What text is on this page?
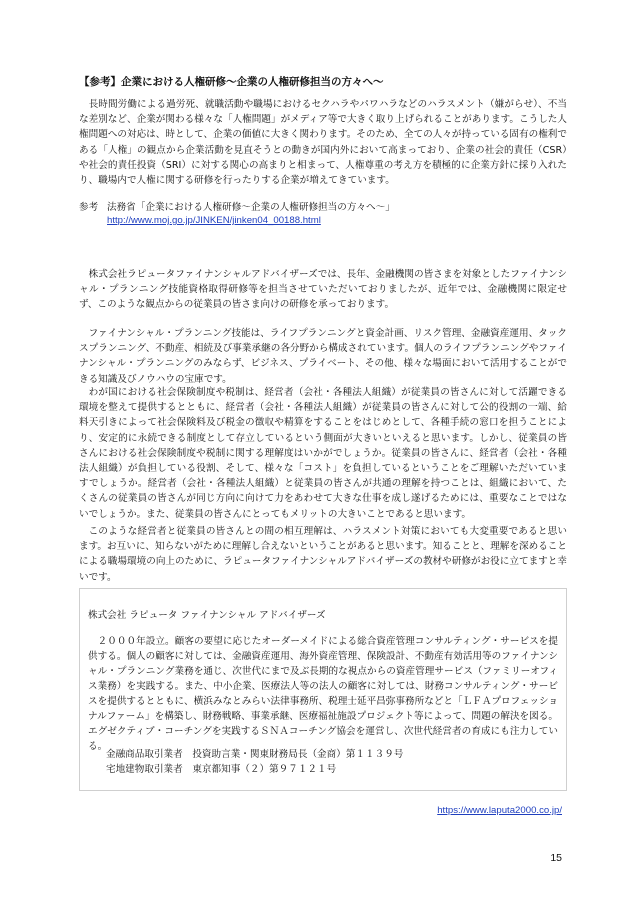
【参考】企業における人権研修～企業の人権研修担当の方々へ～
長時間労働による過労死、就職活動や職場におけるセクハラやパワハラなどのハラスメント（嫌がらせ）、不当な差別など、企業が関わる様々な「人権問題」がメディア等で大きく取り上げられることがあります。こうした人権問題への対応は、時として、企業の価値に大きく関わります。そのため、全ての人々が持っている固有の権利である「人権」の観点から企業活動を見直そうとの動きが国内外において高まっており、企業の社会的責任（CSR）や社会的責任投資（SRI）に対する関心の高まりと相まって、人権尊重の考え方を積極的に企業方針に採り入れたり、職場内で人権に関する研修を行ったりする企業が増えてきています。
参考 法務省「企業における人権研修～企業の人権研修担当の方々へ～」
http://www.moj.go.jp/JINKEN/jinken04_00188.html
株式会社ラピュータファイナンシャルアドバイザーズでは、長年、金融機関の皆さまを対象としたファイナンシャル・プランニング技能資格取得研修等を担当させていただいておりましたが、近年では、金融機関に限定せず、このような観点からの従業員の皆さま向けの研修を承っております。
ファイナンシャル・プランニング技能は、ライフプランニングと資金計画、リスク管理、金融資産運用、タックスプランニング、不動産、相続及び事業承継の各分野から構成されています。個人のライフプランニングやファイナンシャル・プランニングのみならず、ビジネス、プライベート、その他、様々な場面において活用することができる知識及びノウハウの宝庫です。
わが国における社会保険制度や税制は、経営者（会社・各種法人組織）が従業員の皆さんに対して活躍できる環境を整えて提供するとともに、経営者（会社・各種法人組織）が従業員の皆さんに対して公的役割の一端、給料天引きによって社会保険料及び税金の徴収や精算をすることをはじめとして、各種手続の窓口を担うことにより、安定的に永続できる制度として存立しているという側面が大きいといえると思います。しかし、従業員の皆さんにおける社会保険制度や税制に関する理解度はいかがでしょうか。従業員の皆さんに、経営者（会社・各種法人組織）が負担している役割、そして、様々な「コスト」を負担しているということをご理解いただいていますでしょうか。経営者（会社・各種法人組織）と従業員の皆さんが共通の理解を持つことは、組織において、たくさんの従業員の皆さんが同じ方向に向けて力をあわせて大きな仕事を成し遂げるためには、重要なことではないでしょうか。また、従業員の皆さんにとってもメリットの大きいことであると思います。
このような経営者と従業員の皆さんとの間の相互理解は、ハラスメント対策においても大変重要であると思います。お互いに、知らないがために理解し合えないということがあると思います。知ることと、理解を深めることによる職場環境の向上のために、ラピュータファイナンシャルアドバイザーズの教材や研修がお役に立てますと幸いです。
株式会社 ラピュータ ファイナンシャル アドバイザーズ
２０００年設立。顧客の要望に応じたオーダーメイドによる総合資産管理コンサルティング・サービスを提供する。個人の顧客に対しては、金融資産運用、海外資産管理、保険設計、不動産有効活用等のファイナンシャル・プランニング業務を通じ、次世代にまで及ぶ長期的な視点からの資産管理サービス（ファミリーオフィス業務）を実践する。また、中小企業、医療法人等の法人の顧客に対しては、財務コンサルティング・サービスを提供するとともに、横浜みなとみらい法律事務所、税理士延平昌弥事務所などと「ＬＦＡプロフェッショナルファーム」を構築し、財務戦略、事業承継、医療福祉施設プロジェクト等によって、問題の解決を図る。エグゼクティブ・コーチングを実践するＳＮＡコーチング協会を運営し、次世代経営者の育成にも注力している。
金融商品取引業者　投資助言業・関東財務局長（金商）第１１３９号
宅地建物取引業者　東京都知事（２）第９７１２１号
https://www.laputa2000.co.jp/
15
